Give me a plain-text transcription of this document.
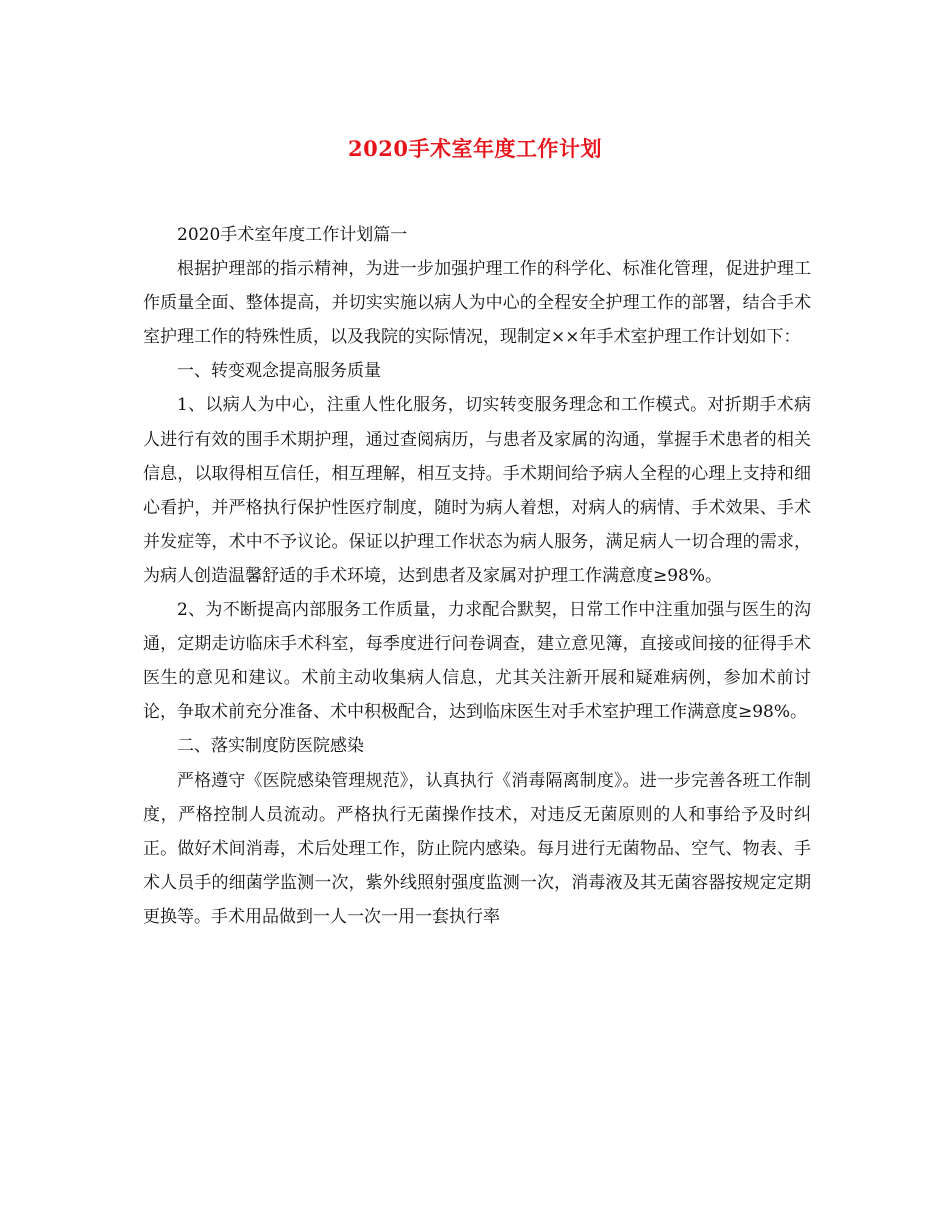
2020手术室年度工作计划

2020手术室年度工作计划篇一

根据护理部的指示精神，为进一步加强护理工作的科学化、标准化管理，促进护理工作质量全面、整体提高，并切实实施以病人为中心的全程安全护理工作的部署，结合手术室护理工作的特殊性质，以及我院的实际情况，现制定××年手术室护理工作计划如下：

一、转变观念提高服务质量

1、以病人为中心，注重人性化服务，切实转变服务理念和工作模式。对折期手术病人进行有效的围手术期护理，通过查阅病历，与患者及家属的沟通，掌握手术患者的相关信息，以取得相互信任，相互理解，相互支持。手术期间给予病人全程的心理上支持和细心看护，并严格执行保护性医疗制度，随时为病人着想，对病人的病情、手术效果、手术并发症等，术中不予议论。保证以护理工作状态为病人服务，满足病人一切合理的需求，为病人创造温馨舒适的手术环境，达到患者及家属对护理工作满意度≥98%。

2、为不断提高内部服务工作质量，力求配合默契，日常工作中注重加强与医生的沟通，定期走访临床手术科室，每季度进行问卷调查，建立意见簿，直接或间接的征得手术医生的意见和建议。术前主动收集病人信息，尤其关注新开展和疑难病例，参加术前讨论，争取术前充分准备、术中积极配合，达到临床医生对手术室护理工作满意度≥98%。

二、落实制度防医院感染

严格遵守《医院感染管理规范》，认真执行《消毒隔离制度》。进一步完善各班工作制度，严格控制人员流动。严格执行无菌操作技术，对违反无菌原则的人和事给予及时纠正。做好术间消毒，术后处理工作，防止院内感染。每月进行无菌物品、空气、物表、手术人员手的细菌学监测一次，紫外线照射强度监测一次，消毒液及其无菌容器按规定定期更换等。手术用品做到一人一次一用一套执行率
